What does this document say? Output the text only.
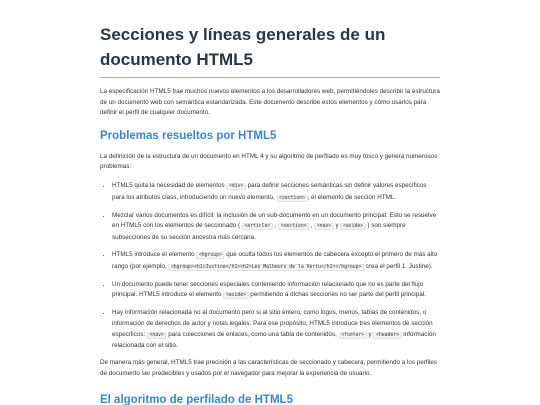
Secciones y líneas generales de un documento HTML5

La especificación HTML5 trae muchos nuevos elementos a los desarrolladores web, permitiéndoles describir la estructura de un documento web con semántica estandarizada. Este documento describe estos elementos y cómo usarlos para definir el perfil de cualquier documento.

Problemas resueltos por HTML5

La definición de la estructura de un documento en HTML 4 y su algoritmo de perfilado es muy tosco y genera numerosos problemas:

• HTML5 quita la necesidad de elementos <div> para definir secciones semánticas sin definir valores específicos para los atributos class, introduciendo un nuevo elemento, <section> , el elemento de sección HTML.
• Mezclar varios documentos es difícil: la inclusión de un sub-documento en un documento principal. Esto se resuelve en HTML5 con los elementos de seccionado ( <article> , <section> , <nav> y <aside> ) son siempre subsecciones de su sección ancestra más cercana.
• HTML5 introduce el elemento <hgroup> que oculta todos los elementos de cabecera excepto el primero de más alto rango (por ejemplo, <hgroup><h1>Justine</h1><h2>Les Malheurs de la Vertu</h2></hgroup> crea el perfil 1. Justine).
• Un documento puede tener secciones especiales conteniendo información relacionado que no es parte del flujo principal. HTML5 introduce el elemento <aside> permitiendo a dichas secciones no ser parte del perfil principal.
• Hay información relacionada no al documento pero si al sitio entero, como logos, menús, tablas de contenidos, o información de derechos de autor y notas legales. Para ese propósito, HTML5 introduce tres elementos de sección específicos: <nav> para colecciones de enlaces, como una tabla de contenidos, <footer> y <header> información relacionada con el sitio.

De manera más general, HTML5 trae precisión a las características de seccionado y cabecera, permitiendo a los perfiles de documento ser predecibles y usados por el navegador para mejorar la experiencia de usuario.

El algoritmo de perfilado de HTML5
